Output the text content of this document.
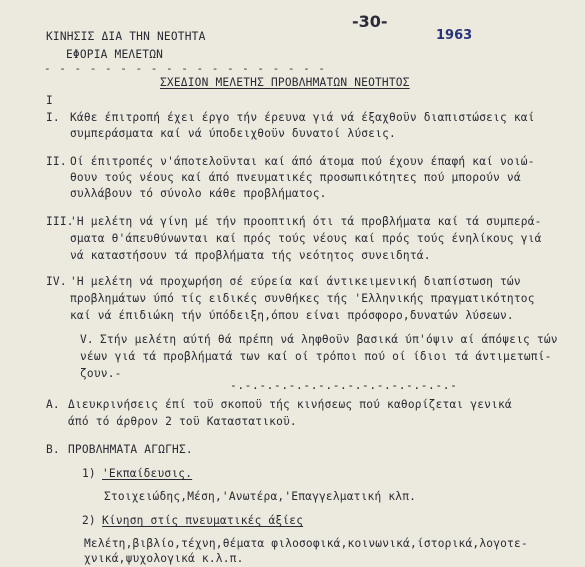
ΚΙΝΗΣΙΣ ΔΙΑ ΤΗΝ ΝΕΟΤΗΤΑ
ΕΦΟΡΙΑ ΜΕΛΕΤΩΝ
- - - - - - - - - - - - - - - - - - -
-30-
1963
ΣΧΕΔΙΟΝ ΜΕΛΕΤΗΣ ΠΡΟΒΛΗΜΑΤΩΝ ΝΕΟΤΗΤΟΣ
I
I. Κάθε έπιτροπή έχει έργο τήν έρευνα γιά νά έξαχθοϋν διαπιστώσεις καί
συμπεράσματα καί νά ύποδειχθοϋν δυνατοί λύσεις.
II. Οί έπιτροπές ν'άποτελοϋνται καί άπό άτομα πού έχουν έπαφή καί νοιώ-
θουν τούς νέους καί άπό πνευματικές προσωπικότητες πού μπορούν νά
συλλάβουν τό σύνολο κάθε προβλήματος.
III.
'Η μελέτη νά γίνη μέ τήν προοπτική ότι τά προβλήματα καί τά συμπερά-
σματα θ'άπευθύνωνται καί πρός τούς νέους καί πρός τούς ένηλίκους γιά
νά καταστήσουν τά προβλήματα τής νεότητος συνειδητά.
IV. 'Η μελέτη νά προχωρήση σέ εύρεία καί άντικειμενική διαπίστωση τών
προβλημάτων ύπό τίς ειδικές συνθήκες τής 'Ελληνικής πραγματικότητος
καί νά έπιδιώκη τήν ύπόδειξη,όπου είναι πρόσφορο,δυνατών λύσεων.
V. Στήν μελέτη αύτή θά πρέπη νά ληφθοϋν βασικά ύπ'όψιν αί άπόψεις τών
νέων γιά τά προβλήματά των καί οί τρόποι πού οί ίδιοι τά άντιμετωπί-
ζουν.-
-.-.-.-.-.-.-.-.-.-.-.-.-.-.-.-
A. Διευκρινήσεις έπί τοϋ σκοποϋ τής κινήσεως πού καθορίζεται γενικά
άπό τό άρθρον 2 τοϋ Καταστατικοϋ.
B. ΠΡΟΒΛΗΜΑΤΑ ΑΓΩΓΗΣ.
1) 'Εκπαίδευσις.
Στοιχειώδης,Μέση,'Ανωτέρα,'Επαγγελματική κλπ.
2) Κίνηση στίς πνευματικές άξίες
Μελέτη,βιβλίο,τέχνη,θέματα φιλοσοφικά,κοινωνικά,ίστορικά,λογοτε-
χνικά,ψυχολογικά κ.λ.π.
